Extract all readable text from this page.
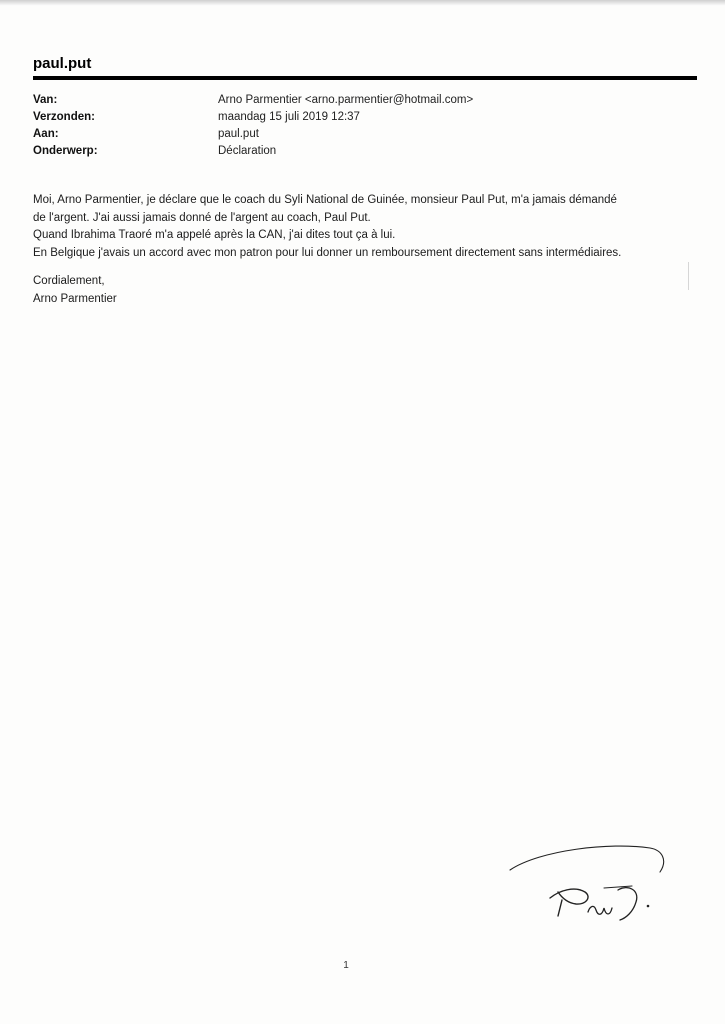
paul.put
Van:	Arno Parmentier <arno.parmentier@hotmail.com>
Verzonden:	maandag 15 juli 2019 12:37
Aan:	paul.put
Onderwerp:	Déclaration

Moi, Arno Parmentier, je déclare que le coach du Syli National de Guinée, monsieur Paul Put, m'a jamais démandé

de l'argent. J'ai aussi jamais donné de l'argent au coach, Paul Put.

Quand Ibrahima Traoré m'a appelé après la CAN, j'ai dites tout ça à lui.

En Belgique j'avais un accord avec mon patron pour lui donner un remboursement directement sans intermédiaires.

Cordialement,
Arno Parmentier
1
